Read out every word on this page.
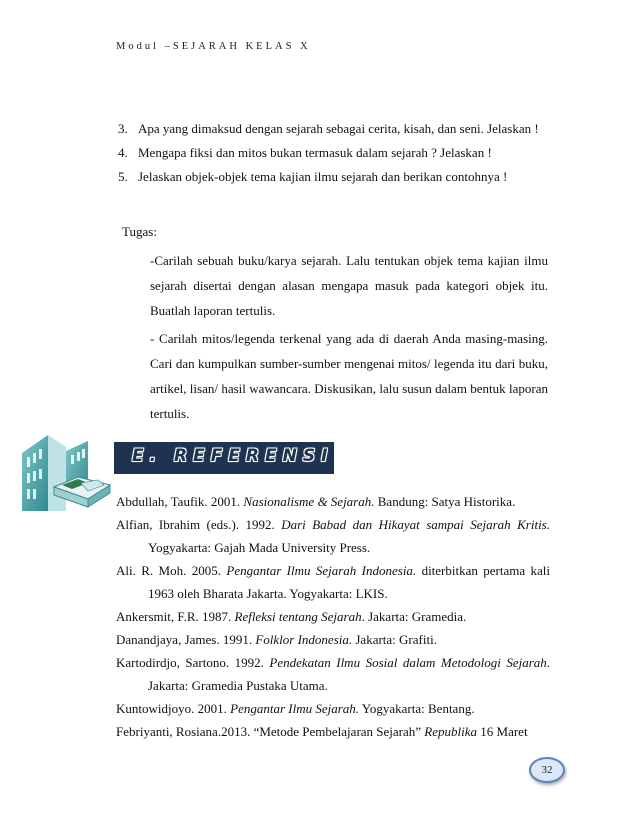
Modul –SEJARAH KELAS X
3. Apa yang dimaksud dengan sejarah sebagai cerita, kisah, dan seni. Jelaskan !
4. Mengapa fiksi dan mitos bukan termasuk dalam sejarah ? Jelaskan !
5. Jelaskan objek-objek tema kajian ilmu sejarah dan berikan contohnya !
Tugas:
-Carilah sebuah buku/karya sejarah. Lalu tentukan objek tema kajian ilmu sejarah disertai dengan alasan mengapa masuk pada kategori objek itu. Buatlah laporan tertulis.
- Carilah mitos/legenda terkenal yang ada di daerah Anda masing-masing. Cari dan kumpulkan sumber-sumber mengenai mitos/ legenda itu dari buku, artikel, lisan/ hasil wawancara. Diskusikan, lalu susun dalam bentuk laporan tertulis.
E. REFERENSI
Abdullah, Taufik. 2001. Nasionalisme & Sejarah. Bandung: Satya Historika.
Alfian, Ibrahim (eds.). 1992. Dari Babad dan Hikayat sampai Sejarah Kritis. Yogyakarta: Gajah Mada University Press.
Ali. R. Moh. 2005. Pengantar Ilmu Sejarah Indonesia. diterbitkan pertama kali 1963 oleh Bharata Jakarta. Yogyakarta: LKIS.
Ankersmit, F.R. 1987. Refleksi tentang Sejarah. Jakarta: Gramedia.
Danandjaya, James. 1991. Folklor Indonesia. Jakarta: Grafiti.
Kartodirdjo, Sartono. 1992. Pendekatan Ilmu Sosial dalam Metodologi Sejarah. Jakarta: Gramedia Pustaka Utama.
Kuntowidjoyo. 2001. Pengantar Ilmu Sejarah. Yogyakarta: Bentang.
Febriyanti, Rosiana.2013. “Metode Pembelajaran Sejarah” Republika 16 Maret
32
